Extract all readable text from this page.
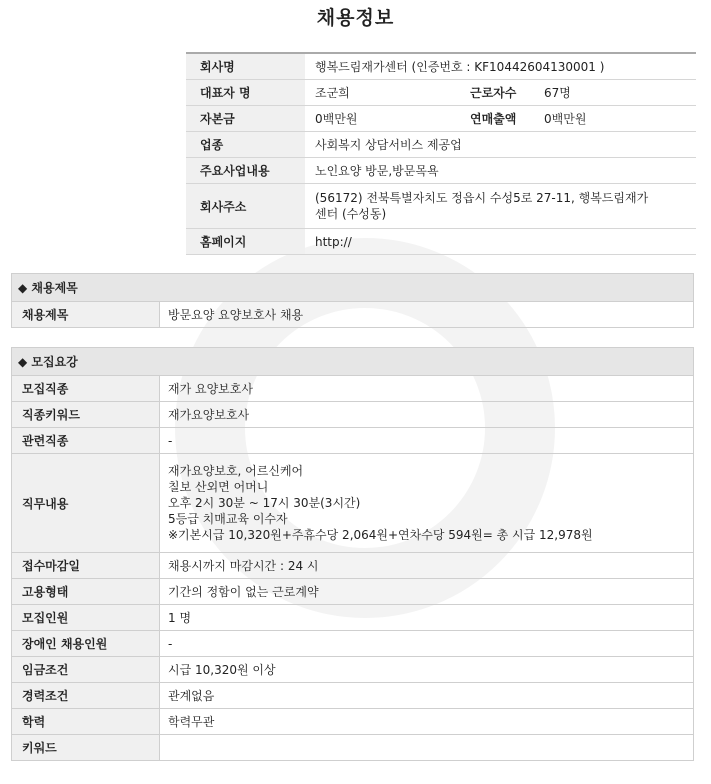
채용정보
회사명	행복드림재가센터 (인증번호 : KF10442604130001 )		
대표자 명	조군희	근로자수	67명
자본금	0백만원	연매출액	0백만원
업종	사회복지 상담서비스 제공업		
주요사업내용	노인요양 방문,방문목욕		
회사주소	(56172) 전북특별자치도 정읍시 수성5로 27-11, 행복드림재가
센터 (수성동)		

홈페이지	http://		
◆ 채용제목
채용제목	방문요양 요양보호사 채용
◆ 모집요강	
모집직종	재가 요양보호사
직종키워드	재가요양보호사
관련직종	-
직무내용	재가요양보호, 어르신케어
칠보 산외면 어머니
오후 2시 30분 ~ 17시 30분(3시간)
5등급 치매교육 이수자
※기본시급 10,320원+주휴수당 2,064원+연차수당 594원= 총 시급 12,978원

접수마감일	채용시까지 마감시간 : 24 시
고용형태	기간의 정함이 없는 근로계약
모집인원	1 명
장애인 채용인원	-
임금조건	시급 10,320원 이상
경력조건	관계없음
학력	학력무관
키워드	
